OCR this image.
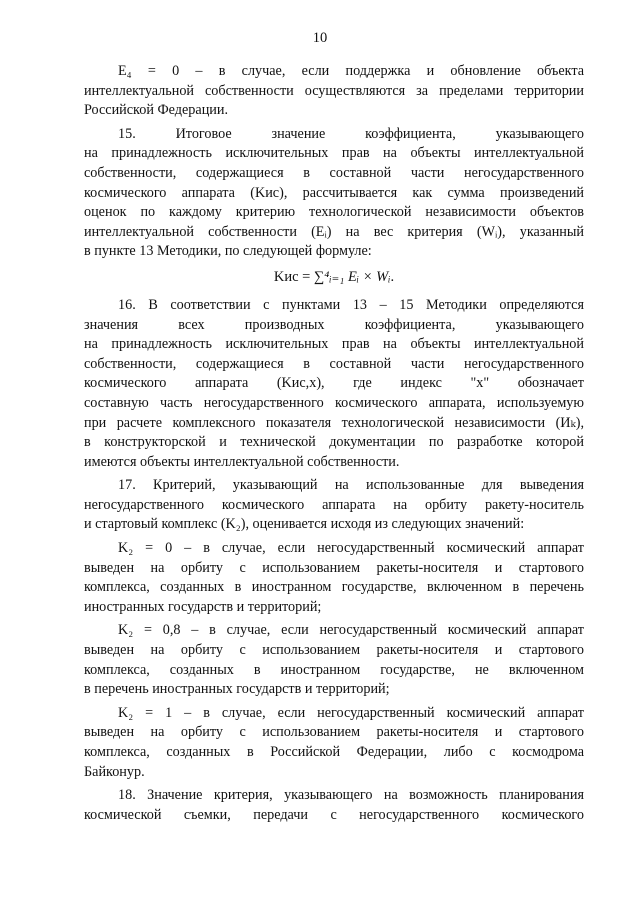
10
E₄ = 0 – в случае, если поддержка и обновление объекта
интеллектуальной собственности осуществляются за пределами территории
Российской Федерации.
15. Итоговое значение коэффициента, указывающего
на принадлежность исключительных прав на объекты интеллектуальной
собственности, содержащиеся в составной части негосударственного
космического аппарата (Kис), рассчитывается как сумма произведений
оценок по каждому критерию технологической независимости объектов
интеллектуальной собственности (Eᵢ) на вес критерия (Wᵢ), указанный
в пункте 13 Методики, по следующей формуле:
Kис = ∑⁴ᵢ₌₁ Eᵢ × Wᵢ.
16. В соответствии с пунктами 13 – 15 Методики определяются
значения всех производных коэффициента, указывающего
на принадлежность исключительных прав на объекты интеллектуальной
собственности, содержащиеся в составной части негосударственного
космического аппарата (Kис,x), где индекс "x" обозначает
составную часть негосударственного космического аппарата, используемую
при расчете комплексного показателя технологической независимости (Иₖ),
в конструкторской и технической документации по разработке которой
имеются объекты интеллектуальной собственности.
17. Критерий, указывающий на использованные для выведения
негосударственного космического аппарата на орбиту ракету-носитель
и стартовый комплекс (K₂), оценивается исходя из следующих значений:
K₂ = 0 – в случае, если негосударственный космический аппарат
выведен на орбиту с использованием ракеты-носителя и стартового
комплекса, созданных в иностранном государстве, включенном в перечень
иностранных государств и территорий;
K₂ = 0,8 – в случае, если негосударственный космический аппарат
выведен на орбиту с использованием ракеты-носителя и стартового
комплекса, созданных в иностранном государстве, не включенном
в перечень иностранных государств и территорий;
K₂ = 1 – в случае, если негосударственный космический аппарат
выведен на орбиту с использованием ракеты-носителя и стартового
комплекса, созданных в Российской Федерации, либо с космодрома
Байконур.
18. Значение критерия, указывающего на возможность планирования
космической съемки, передачи с негосударственного космического
